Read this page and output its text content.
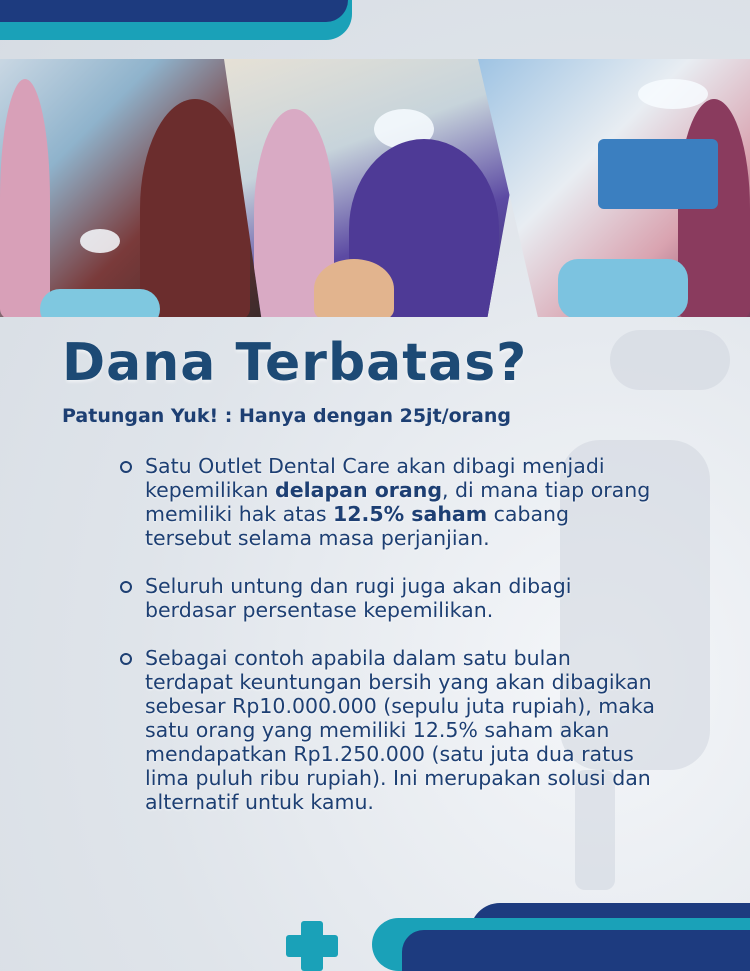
Dana Terbatas?

Patungan Yuk! : Hanya dengan 25jt/orang

Satu Outlet Dental Care akan dibagi menjadi kepemilikan delapan orang, di mana tiap orang memiliki hak atas 12.5% saham cabang tersebut selama masa perjanjian.
Seluruh untung dan rugi juga akan dibagi berdasar persentase kepemilikan.
Sebagai contoh apabila dalam satu bulan terdapat keuntungan bersih yang akan dibagikan sebesar Rp10.000.000 (sepulu juta rupiah), maka satu orang yang memiliki 12.5% saham akan mendapatkan Rp1.250.000 (satu juta dua ratus lima puluh ribu rupiah). Ini merupakan solusi dan alternatif untuk kamu.
